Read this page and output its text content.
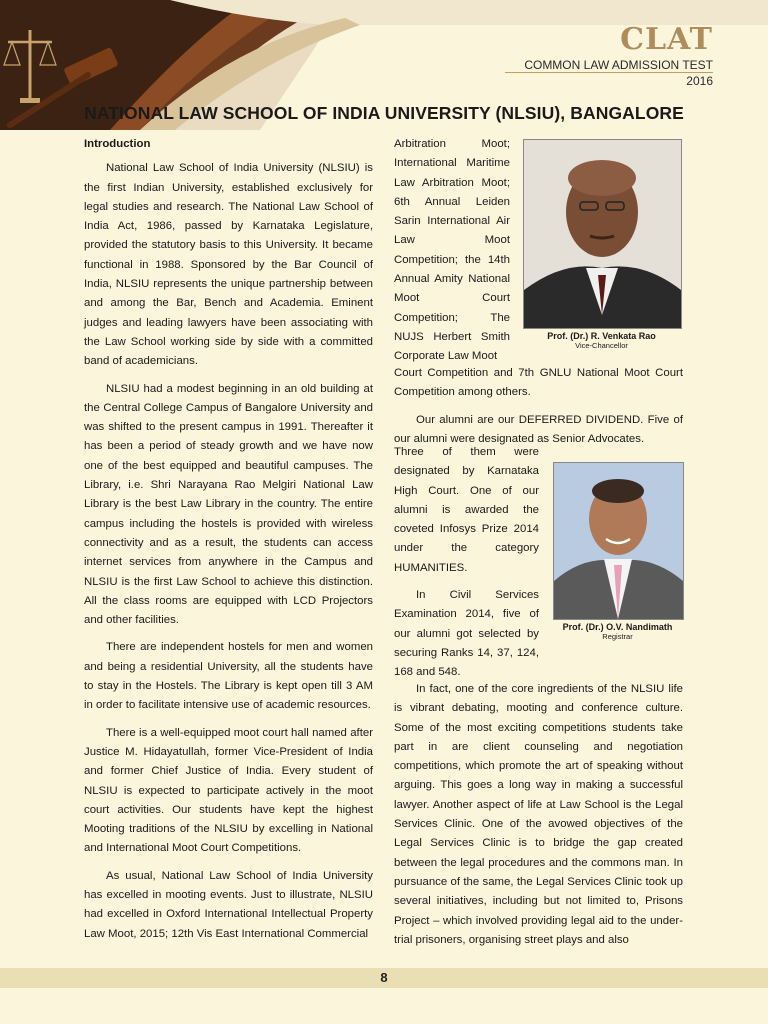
CLAT
COMMON LAW ADMISSION TEST
2016
NATIONAL LAW SCHOOL OF INDIA UNIVERSITY (NLSIU), BANGALORE

Introduction

National Law School of India University (NLSIU) is the first Indian University, established exclusively for legal studies and research. The National Law School of India Act, 1986, passed by Karnataka Legislature, provided the statutory basis to this University. It became functional in 1988. Sponsored by the Bar Council of India, NLSIU represents the unique partnership between and among the Bar, Bench and Academia. Eminent judges and leading lawyers have been associating with the Law School working side by side with a committed band of academicians.

NLSIU had a modest beginning in an old building at the Central College Campus of Bangalore University and was shifted to the present campus in 1991. Thereafter it has been a period of steady growth and we have now one of the best equipped and beautiful campuses. The Library, i.e. Shri Narayana Rao Melgiri National Law Library is the best Law Library in the country. The entire campus including the hostels is provided with wireless connectivity and as a result, the students can access internet services from anywhere in the Campus and NLSIU is the first Law School to achieve this distinction. All the class rooms are equipped with LCD Projectors and other facilities.

There are independent hostels for men and women and being a residential University, all the students have to stay in the Hostels. The Library is kept open till 3 AM in order to facilitate intensive use of academic resources.

There is a well-equipped moot court hall named after Justice M. Hidayatullah, former Vice-President of India and former Chief Justice of India. Every student of NLSIU is expected to participate actively in the moot court activities. Our students have kept the highest Mooting traditions of the NLSIU by excelling in National and International Moot Court Competitions.

As usual, National Law School of India University has excelled in mooting events. Just to illustrate, NLSIU had excelled in Oxford International Intellectual Property Law Moot, 2015; 12th Vis East International Commercial

Arbitration Moot; International Maritime Law Arbitration Moot; 6th Annual Leiden Sarin International Air Law Moot Competition; the 14th Annual Amity National Moot Court Competition; The NUJS Herbert Smith Corporate Law Moot

Prof. (Dr.) R. Venkata Rao
Vice-Chancellor

Court Competition and 7th GNLU National Moot Court Competition among others.

Our alumni are our DEFERRED DIVIDEND. Five of our alumni were designated as Senior Advocates.

Three of them were designated by Karnataka High Court. One of our alumni is awarded the coveted Infosys Prize 2014 under the category HUMANITIES.

In Civil Services Examination 2014, five of our alumni got selected by securing Ranks 14, 37, 124, 168 and 548.

Prof. (Dr.) O.V. Nandimath
Registrar

In fact, one of the core ingredients of the NLSIU life is vibrant debating, mooting and conference culture. Some of the most exciting competitions students take part in are client counseling and negotiation competitions, which promote the art of speaking without arguing. This goes a long way in making a successful lawyer. Another aspect of life at Law School is the Legal Services Clinic. One of the avowed objectives of the Legal Services Clinic is to bridge the gap created between the legal procedures and the commons man. In pursuance of the same, the Legal Services Clinic took up several initiatives, including but not limited to, Prisons Project – which involved providing legal aid to the under-trial prisoners, organising street plays and also

8
